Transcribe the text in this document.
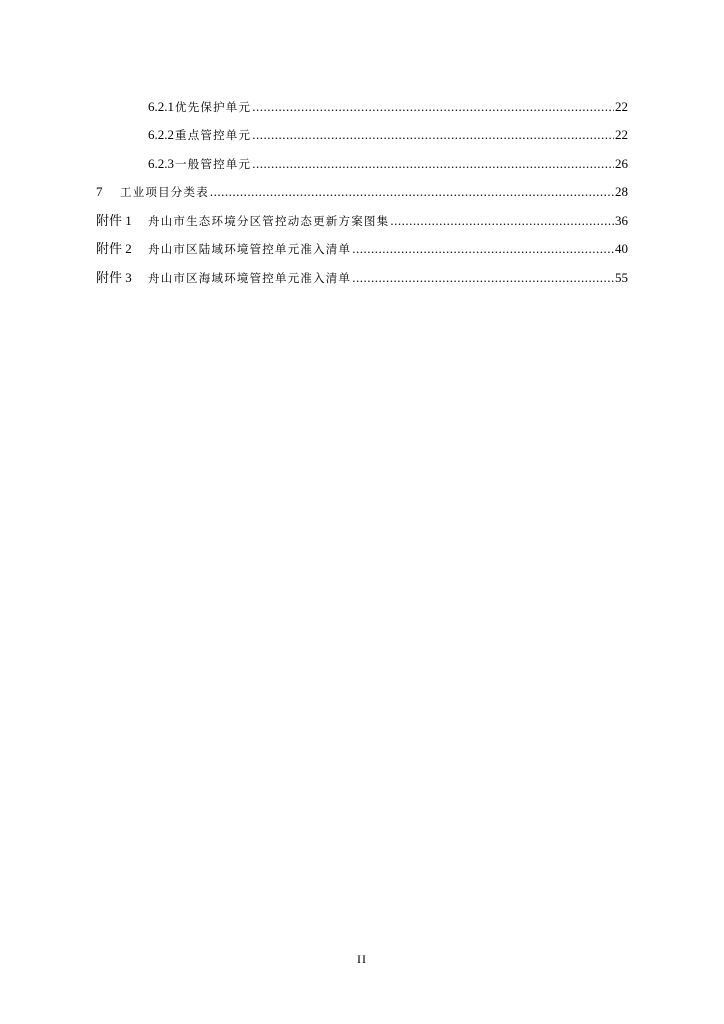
6.2.1 优先保护单元 .....	22
6.2.2 重点管控单元 .....	22
6.2.3 一般管控单元 .....	26
7	工业项目分类表 .....	28
附件 1	舟山市生态环境分区管控动态更新方案图集 .....	36
附件 2	舟山市区陆域环境管控单元准入清单 .....	40
附件 3	舟山市区海域环境管控单元准入清单 .....	55
II
